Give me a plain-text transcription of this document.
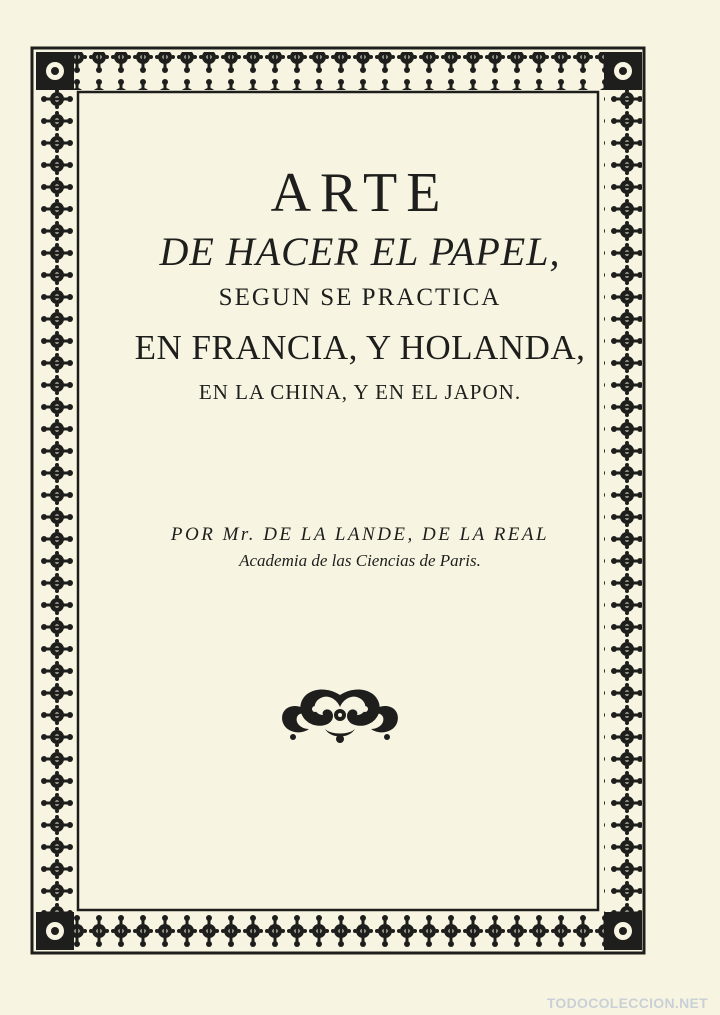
ARTE
DE HACER EL PAPEL,
SEGUN SE PRACTICA
EN FRANCIA, Y HOLANDA,
EN LA CHINA, Y EN EL JAPON.
POR Mr. DE LA LANDE, DE LA REAL
Academia de las Ciencias de Paris.
TODOCOLECCION.NET
